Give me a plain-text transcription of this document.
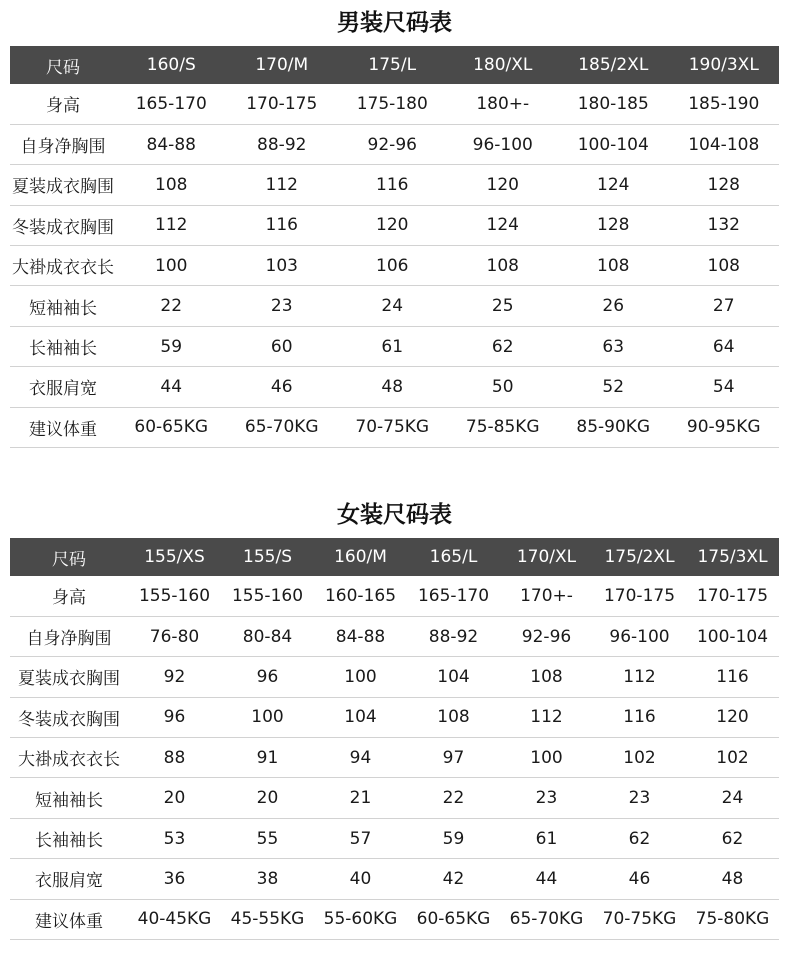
男装尺码表
尺码	160/S	170/M	175/L	180/XL	185/2XL	190/3XL
身高	165-170	170-175	175-180	180+-	180-185	185-190
自身净胸围	84-88	88-92	92-96	96-100	100-104	104-108
夏装成衣胸围	108	112	116	120	124	128
冬装成衣胸围	112	116	120	124	128	132
大褂成衣衣长	100	103	106	108	108	108
短袖袖长	22	23	24	25	26	27
长袖袖长	59	60	61	62	63	64
衣服肩宽	44	46	48	50	52	54
建议体重	60-65KG	65-70KG	70-75KG	75-85KG	85-90KG	90-95KG
女装尺码表
尺码	155/XS	155/S	160/M	165/L	170/XL	175/2XL	175/3XL
身高	155-160	155-160	160-165	165-170	170+-	170-175	170-175
自身净胸围	76-80	80-84	84-88	88-92	92-96	96-100	100-104
夏装成衣胸围	92	96	100	104	108	112	116
冬装成衣胸围	96	100	104	108	112	116	120
大褂成衣衣长	88	91	94	97	100	102	102
短袖袖长	20	20	21	22	23	23	24
长袖袖长	53	55	57	59	61	62	62
衣服肩宽	36	38	40	42	44	46	48
建议体重	40-45KG	45-55KG	55-60KG	60-65KG	65-70KG	70-75KG	75-80KG
